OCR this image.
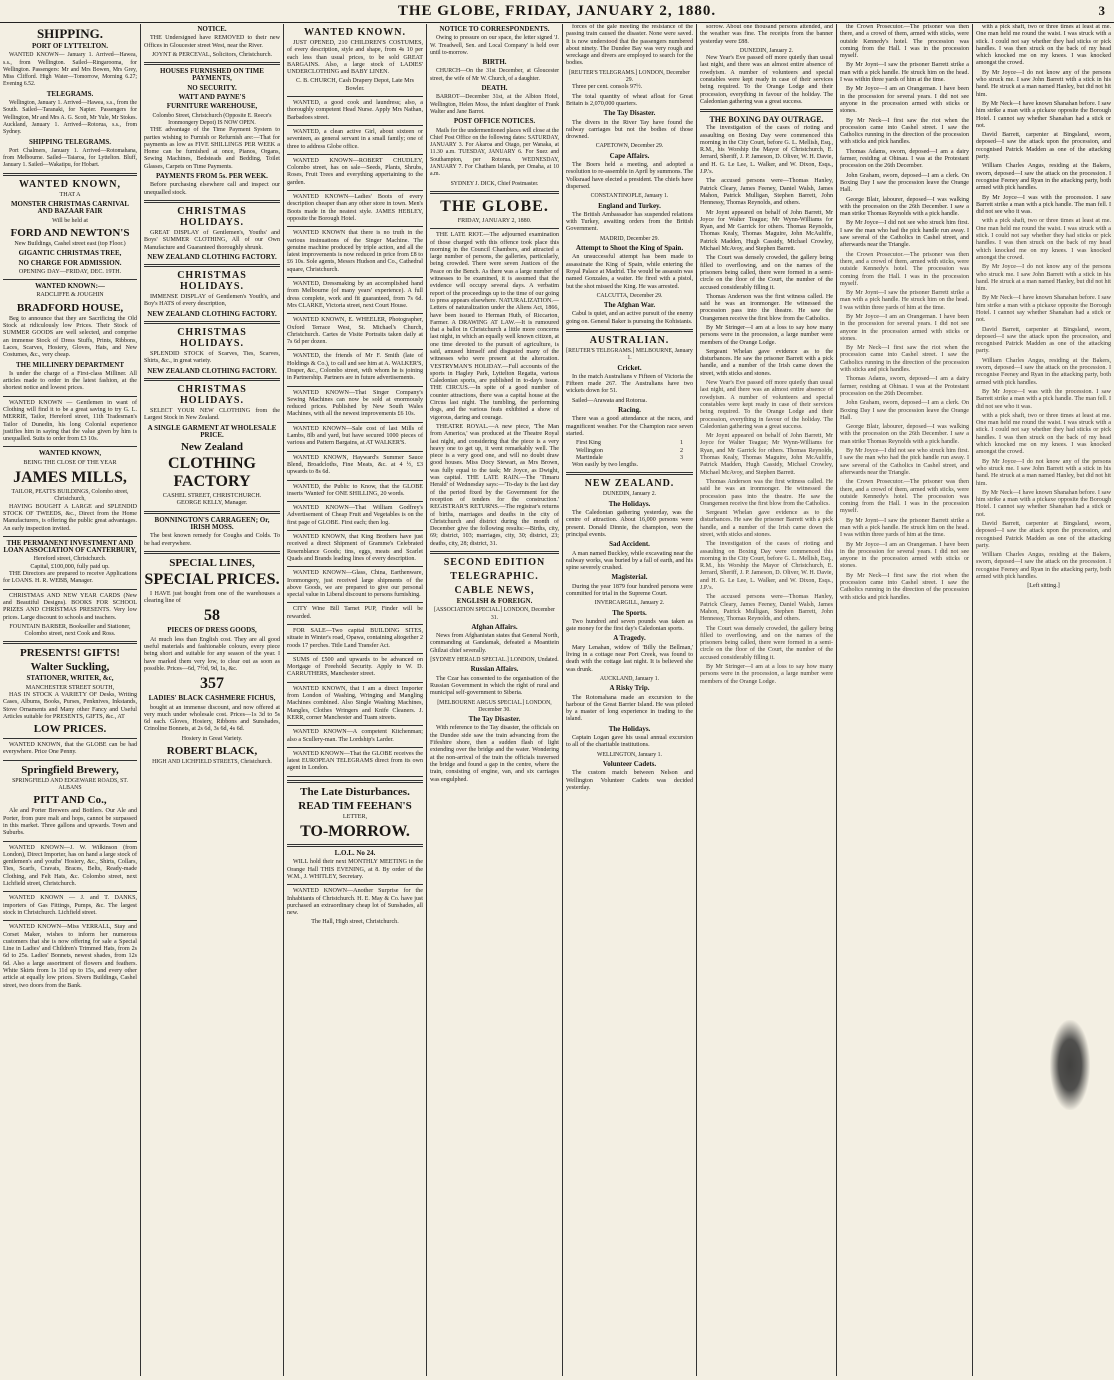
THE GLOBE, FRIDAY, JANUARY 2, 1880.	3
SHIPPING.
PORT OF LYTTELTON.

WANTED KNOWN— January 1. Arrived—Hawea, s.s., from Wellington. Sailed—Ringarooma, for Wellington. Passengers: Mr and Mrs Bowen, Mrs Grey, Miss Clifford. High Water—Tomorrow, Morning 6.27; Evening 6.52.

TELEGRAMS.

Wellington, January 1. Arrived—Hawea, s.s., from the South. Sailed—Taranaki, for Napier. Passengers for Wellington, Mr and Mrs A. G. Scott, Mr Yule, Mr Stokes. Auckland, January 1. Arrived—Rotorua, s.s., from Sydney.

SHIPPING TELEGRAMS.

Port Chalmers, January 1. Arrived—Rotomahana, from Melbourne. Sailed—Taiaroa, for Lyttelton. Bluff, January 1. Sailed—Wakatipu, for Hobart.

WANTED KNOWN,
THAT A
MONSTER CHRISTMAS CARNIVAL AND BAZAAR FAIR
Will be held at
FORD AND NEWTON'S
New Buildings, Cashel street east (top Floor.)
GIGANTIC CHRISTMAS TREE,
NO CHARGE FOR ADMISSION.
OPENING DAY—FRIDAY, DEC. 19TH.
WANTED KNOWN:—
RADCLIFFE & JOUGHIN
BRADFORD HOUSE,

Beg to announce that they are Sacrificing the Old Stock at ridiculously low Prices. Their Stock of SUMMER GOODS are well selected, and comprise an immense Stock of Dress Stuffs, Prints, Ribbons, Laces, Scarves, Hosiery, Gloves, Hats, and New Costumes, &c., very cheap.

THE MILLINERY DEPARTMENT

Is under the charge of a First-class Milliner. All articles made to order in the latest fashion, at the shortest notice and lowest prices.

WANTED KNOWN — Gentlemen in want of Clothing will find it to be a great saving to try G. L. MERRIE, Tailor, Hereford street, 11th Tradesman's Tailor of Dunedin, his long Colonial experience justifies him in saying that the value given by him is unequalled. Suits to order from £3 10s.

WANTED KNOWN,
BEING THE CLOSE OF THE YEAR
JAMES MILLS,
TAILOR, PEATTS BUILDINGS, Colombo street, Christchurch,

HAVING BOUGHT A LARGE and SPLENDID STOCK OF TWEEDS, &c., Direct from the Home Manufacturers, is offering the public great advantages. An early inspection invited.

THE PERMANENT INVESTMENT AND LOAN ASSOCIATION OF CANTERBURY,
Hereford street, Christchurch.
Capital, £100,000, fully paid up.

THE Directors are prepared to receive Applications for LOANS. H. R. WEBB, Manager.

CHRISTMAS AND NEW YEAR CARDS (New and Beautiful Designs). BOOKS FOR SCHOOL PRIZES AND CHRISTMAS PRESENTS. Very low prices. Large discount to schools and teachers.

FOUNTAIN BARBER, Bookseller and Stationer, Colombo street, next Cook and Ross.
PRESENTS! GIFTS!
Walter Suckling,
STATIONER, WRITER, &c,
MANCHESTER STREET SOUTH,

HAS IN STOCK A VARIETY OF Desks, Writing Cases, Albums, Books, Purses, Penknives, Inkstands, Stove Ornaments and Many other Fancy and Useful Articles suitable for PRESENTS, GIFTS, &c., AT

LOW PRICES.

WANTED KNOWN, that the GLOBE can be had everywhere. Price One Penny.

Springfield Brewery,
SPRINGFIELD AND EDGEWARE ROADS, ST. ALBANS
PITT AND Co.,

Ale and Porter Brewers and Bottlers. Our Ale and Porter, from pure malt and hops, cannot be surpassed in this market. Three gallons and upwards. Town and Suburbs.

WANTED KNOWN—J. W. Wilkinson (from London), Direct Importer, has on hand a large stock of gentlemen's and youths' Hosiery, &c., Shirts, Collars, Ties, Scarfs, Cravats, Braces, Belts, Ready-made Clothing, and Felt Hats, &c. Colombo street, next Lichfield street, Christchurch.

WANTED KNOWN — J. and T. DANKS, importers of Gas Fittings, Pumps, &c. The largest stock in Christchurch. Lichfield street.

WANTED KNOWN—Miss VERRALL, Stay and Corset Maker, wishes to inform her numerous customers that she is now offering for sale a Special Line in Ladies' and Children's Trimmed Hats, from 2s 6d to 25s. Ladies' Bonnets, newest shades, from 12s 6d. Also a large assortment of flowers and feathers. White Skirts from 1s 11d up to 15s, and every other article at equally low prices. Sivers Buildings, Cashel street, two doors from the Bank.

NOTICE.

THE Undersigned have REMOVED to their new Offices in Gloucester street West, near the River.

JOYNT & PERCEVAL, Solicitors, Christchurch.
HOUSES FURNISHED ON TIME PAYMENTS,
NO SECURITY.
WATT AND PAYNE'S
FURNITURE WAREHOUSE,
Colombo Street, Christchurch (Opposite E. Reece's Ironmongery Depot) IS NOW OPEN.

THE advantage of the Time Payment System to parties wishing to Furnish or Refurnish are:—That for payments as low as FIVE SHILLINGS PER WEEK a Home can be furnished at once, Pianos, Organs, Sewing Machines, Bedsteads and Bedding, Toilet Glasses, Carpets on Time Payments.

PAYMENTS FROM 5s. PER WEEK.

Before purchasing elsewhere call and inspect our unequalled stock.

CHRISTMAS HOLIDAYS.

GREAT DISPLAY of Gentlemen's, Youths' and Boys' SUMMER CLOTHING, All of our Own Manufacture and Guaranteed thoroughly shrunk.

NEW ZEALAND CLOTHING FACTORY.
CHRISTMAS HOLIDAYS.

IMMENSE DISPLAY of Gentlemen's Youth's, and Boy's HATS of every description,

NEW ZEALAND CLOTHING FACTORY.
CHRISTMAS HOLIDAYS.

SPLENDID STOCK of Scarves, Ties, Scarves, Shirts, &c., in great variety.

NEW ZEALAND CLOTHING FACTORY.
CHRISTMAS HOLIDAYS.

SELECT YOUR NEW CLOTHING from the Largest Stock in New Zealand.

A SINGLE GARMENT AT WHOLESALE PRICE.
New Zealand
CLOTHING FACTORY
CASHEL STREET, CHRISTCHURCH.
GEORGE KELLY, Manager.
BONNINGTON'S CARRAGEEN; Or, IRISH MOSS.

The best known remedy for Coughs and Colds. To be had everywhere.

SPECIAL LINES,
SPECIAL PRICES.

I HAVE just bought from one of the warehouses a clearing line of

58
PIECES OF DRESS GOODS,

At much less than English cost. They are all good useful materials and fashionable colours, every piece being short and suitable for any season of the year. I have marked them very low, to clear out as soon as possible. Prices—6d, 7½d, 9d, 1s, &c.

357
LADIES' BLACK CASHMERE FICHUS,

bought at an immense discount, and now offered at very much under wholesale cost. Prices—1s 3d to 5s 6d each. Gloves, Hosiery, Ribbons and Sunshades, Crinoline Bonnets, at 2s 6d, 3s 6d, 4s 6d.

Hosiery in Great Variety.
ROBERT BLACK,
HIGH AND LICHFIELD STREETS, Christchurch.
WANTED KNOWN.

JUST OPENED, 210 CHILDREN'S COSTUMES, of every description, style and shape, from 4s 10 per each less than usual prices, to be sold GREAT BARGAINS. Also, a large stock of LADIES' UNDERCLOTHING and BABY LINEN.

C. B. CHURCH, Cash Drapery Depot, Late Mrs Bowler.

WANTED, a good cook and laundress; also, a thoroughly competent Head Nurse. Apply Mrs Nathan, Barbadoes street.

WANTED, a clean active Girl, about sixteen or seventeen, as general servant in a small family; one of three to address Globe office.

WANTED KNOWN—ROBERT CHUDLEY, Colombo street, has on sale—Seeds, Plants, Shrubs, Roses, Fruit Trees and everything appertaining to the garden.

WANTED KNOWN—Ladies' Boots of every description cheaper than any other store in town. Men's Boots made in the neatest style. JAMES HEBLEY, opposite the Borough Hotel.

WANTED KNOWN that there is no truth in the various insinuations of the Singer Machine. The genuine machine produced by triple action, and all the latest improvements is now reduced in price from £8 to £6 10s. Sole agents, Messrs Hudson and Co., Cathedral square, Christchurch.

WANTED, Dressmaking by an accomplished hand from Melbourne (of many years' experience). A full dress complete, work and fit guaranteed, from 7s 6d. Mrs CLARKE, Victoria street, next Court House.

WANTED KNOWN, E. WHEELER, Photographer, Oxford Terrace West, St. Michael's Church, Christchurch. Cartes de Visite Portraits taken daily at 7s 6d per dozen.

WANTED, the friends of Mr F. Smith (late of Holdings & Co.), to call and see him at A. WALKER'S, Draper, &c., Colombo street, with whom he is joining in Partnership. Partners are in future advertisements.

WANTED KNOWN—That Singer Company's Sewing Machines can now be sold at enormously reduced prices. Published by New South Wales Machines, with all the newest improvements £6 10s.

WANTED KNOWN—Sale cost of last Mills of Lambs, 8lb and yard, but have secured 1000 pieces of various and Pattern Bargains, at AT WALKER'S.

WANTED KNOWN, Hayward's Summer Sauce Blend, Broadcloths, Fine Meats, &c. at 4 ½, £3 upwards to 8s 6d.

WANTED, the Public to Know, that the GLOBE inserts 'Wanted' for ONE SHILLING, 20 words.

WANTED KNOWN—That William Godfrey's Advertisement of Cheap Fruit and Vegetables is on the first page of GLOBE. First each; then log.

WANTED KNOWN, that King Brothers have just received a direct Shipment of Gramme's Celebrated Resemblance Goods; tins, eggs, meats and Scarlet Quads and Brands leading lines of every description.

WANTED KNOWN—Glass, China, Earthenware, Ironmongery, just received large shipments of the above Goods, we are prepared to give our personal special value in Liberal discount to persons furnishing.

CITY Wine Bill Tarnet PUP, Finder will be rewarded.

FOR SALE—Two capital BUILDING SITES, situate in Winter's road, Opawa, containing altogether 2 roods 17 perches. Title Land Transfer Act.

SUMS of £500 and upwards to be advanced on Mortgage of Freehold Security. Apply to W. D. CARRUTHERS, Manchester street.

WANTED KNOWN, that I am a direct Importer from London of Washing, Wringing and Mangling Machines combined. Also Single Washing Machines, Mangles, Clothes Wringers and Knife Cleaners. J. KERR, corner Manchester and Tuam streets.

WANTED KNOWN—A competent Kitchenman; also a Scullery-man. The Lordship's Larder.

WANTED KNOWN—That the GLOBE receives the latest EUROPEAN TELEGRAMS direct from its own agent in London.

The Late Disturbances.
READ TIM FEEHAN'S
LETTER,
TO-MORROW.
L.O.L. No 24.

WILL hold their next MONTHLY MEETING in the Orange Hall THIS EVENING, at 8. By order of the W.M., J. WHITLEY, Secretary.

WANTED KNOWN—Another Surprise for the Inhabitants of Christchurch. H. E. May & Co. have just purchased an extraordinary cheap lot of Sunshades, all new.

The Hall, High street, Christchurch.
NOTICE TO CORRESPONDENTS.

Owing to pressure on our space, the letter signed 'J. W. Treadwell, Sen. and Local Company' is held over until to-morrow.

BIRTH.

CHURCH—On the 31st December, at Gloucester street, the wife of Mr W. Church, of a daughter.

DEATH.

BARROT—December 31st, at the Albion Hotel, Wellington, Helen Moss, the infant daughter of Frank Walter and Jane Barrot.

POST OFFICE NOTICES.

Mails for the undermentioned places will close at the Chief Post Office on the following dates: SATURDAY, JANUARY 3. For Akaroa and Otago, per Wanaka, at 11.30 a.m. TUESDAY, JANUARY 6. For Suez and Southampton, per Rotorua. WEDNESDAY, JANUARY 7. For Chatham Islands, per Omaha, at 10 a.m.

SYDNEY J. DICK, Chief Postmaster.
THE GLOBE.
FRIDAY, JANUARY 2, 1880.

THE LATE RIOT.—The adjourned examination of those charged with this offence took place this morning in the Council Chambers, and attracted a large number of persons, the galleries, particularly, being crowded. There were seven Justices of the Peace on the Bench. As there was a large number of witnesses to be examined, it is assumed that the evidence will occupy several days. A verbatim report of the proceedings up to the time of our going to press appears elsewhere. NATURALIZATION.—Letters of naturalization under the Aliens Act, 1866, have been issued to Herman Huth, of Riccarton, Farmer. A DRAWING AT LAW.—It is rumoured that a ballot in Christchurch a little more concerns last night, in which an equally well known citizen, at one time devoted to the pursuit of agriculture, is said, amused himself and disgusted many of the witnesses who were present at the altercation. VESTRYMAN'S HOLIDAY.—Full accounts of the sports in Hagley Park, Lyttelton Regatta, various Caledonian sports, are published in to-day's issue. THE CIRCUS.—In spite of a good number of counter attractions, there was a capital house at the Circus last night. The tumbling, the performing dogs, and the various feats exhibited a show of vigorous, daring and courage.

THEATRE ROYAL.—A new piece, 'The Man from America,' was produced at the Theatre Royal last night, and considering that the piece is a very heavy one to get up, it went remarkably well. The piece is a very good one, and will no doubt draw good houses. Miss Docy Stewart, as Mrs Brown, was fully equal to the task; Mr Joyce, as Dwight, was capital. THE LATE RAIN.—The 'Timaru Herald' of Wednesday says:—'To-day is the last day of the period fixed by the Government for the reception of tenders for the construction.' REGISTRAR'S RETURNS.—The registrar's returns of births, marriages and deaths in the city of Christchurch and district during the month of December give the following results:—Births, city, 69; district, 103; marriages, city, 30; district, 23; deaths, city, 28; district, 31.

SECOND EDITION
TELEGRAPHIC.
CABLE NEWS,
ENGLISH & FOREIGN.
[ASSOCIATION SPECIAL.] LONDON, December 31.
Afghan Affairs.

News from Afghanistan states that General North, commanding at Gandamak, defeated a Moanttein Ghilzai chief severally.

[SYDNEY HERALD SPECIAL.] LONDON, Undated.
Russian Affairs.

The Czar has consented to the organisation of the Russian Government in which the right of rural and municipal self-government to Siberia.

[MELBOURNE ARGUS SPECIAL.] LONDON, December 30.
The Tay Disaster.

With reference to the Tay disaster, the officials on the Dundee side saw the train advancing from the Fifeshire shore, then a sudden flash of light extending over the bridge and the water. Wondering at the non-arrival of the train the officials traversed the bridge and found a gap in the centre, where the train, consisting of engine, van, and six carriages was engulphed.

forces of the gale meeting the resistance of the passing train caused the disaster. None were saved. It is now understood that the passengers numbered about ninety. The Dundee Bay was very rough and wreckage and divers are employed to search for the bodies.

[REUTER'S TELEGRAMS.] LONDON, December 29.

Three per cent. consols 97½.

The total quantity of wheat afloat for Great Britain is 2,070,000 quarters.

The Tay Disaster.

The divers in the River Tay have found the railway carriages but not the bodies of those drowned.

CAPETOWN, December 29.
Cape Affairs.

The Boers held a meeting, and adopted a resolution to re-assemble in April by summons. The Volksraad have elected a president. The chiefs have dispersed.

CONSTANTINOPLE, January 1.
England and Turkey.

The British Ambassador has suspended relations with Turkey, awaiting orders from the British Government.

MADRID, December 29.
Attempt to Shoot the King of Spain.

An unsuccessful attempt has been made to assassinate the King of Spain, while entering the Royal Palace at Madrid. The would be assassin was named Gonzales, a waiter. He fired with a pistol, but the shot missed the King. He was arrested.

CALCUTTA, December 29.
The Afghan War.

Cabul is quiet, and an active pursuit of the enemy going on. General Baker is pursuing the Kohistanis.

AUSTRALIAN.
[REUTER'S TELEGRAMS.] MELBOURNE, January 1.
Cricket.

In the match Australians v Fifteen of Victoria the Fifteen made 267. The Australians have two wickets down for 51.

Sailed—Arawata and Rotorua.

Racing.

There was a good attendance at the races, and magnificent weather. For the Champion race seven started.

First King	1
Wellington	2
Martindale	3

Won easily by two lengths.

NEW ZEALAND.
DUNEDIN, January 2.
The Holidays.

The Caledonian gathering yesterday, was the centre of attraction. About 16,000 persons were present. Donald Dinnie, the champion, won the principal events.

Sad Accident.

A man named Buckley, while excavating near the railway works, was buried by a fall of earth, and his spine severely crushed.

Magisterial.

During the year 1879 four hundred persons were committed for trial in the Supreme Court.

INVERCARGILL, January 2.
The Sports.

Two hundred and seven pounds was taken as gate money for the first day's Caledonian sports.

A Tragedy.

Mary Lenahan, widow of 'Billy the Bellman,' living in a cottage near Port Creek, was found to death with the cottage last night. It is believed she was drunk.

AUCKLAND, January 1.
A Risky Trip.

The Rotomahana made an excursion to the harbour of the Great Barrier Island. He was piloted by a master of long experience in trading to the island.

The Holidays.

Captain Logan gave his usual annual excursion to all of the charitable institutions.

WELLINGTON, January 1.
Volunteer Cadets.

The custom match between Nelson and Wellington Volunteer Cadets was decided yesterday.

sorrow. About one thousand persons attended, and the weather was fine. The receipts from the banner yesterday were £88.

DUNEDIN, January 2.

New Year's Eve passed off more quietly than usual last night, and there was an almost entire absence of rowdyism. A number of volunteers and special constables were kept ready in case of their services being required. To the Orange Lodge and their procession, everything in favour of the holiday. The Caledonian gathering was a great success.

THE BOXING DAY OUTRAGE.

The investigation of the cases of rioting and assaulting on Boxing Day were commenced this morning in the City Court, before G. L. Mellish, Esq., R.M., his Worship the Mayor of Christchurch, E. Jerrard, Sheriff, J. P. Jameson, D. Oliver, W. H. Davie, and H. G. Le Lee, L. Walker, and W. Dixon, Esqs., J.P.'s.

The accused persons were—Thomas Hanley, Patrick Cleary, James Feeney, Daniel Walsh, James Mahon, Patrick Mulligan, Stephen Barrett, John Hennessy, Thomas Reynolds, and others.

Mr Joynt appeared on behalf of John Barrett, Mr Joyce for Walter Teague; Mr Wynn-Williams for Ryan, and Mr Garrick for others. Thomas Reynolds, Thomas Kealy, Thomas Maguire, John McAuliffe, Patrick Madden, Hugh Cassidy, Michael Crowley, Michael McAvoy, and Stephen Barrett.

The Court was densely crowded, the gallery being filled to overflowing, and on the names of the prisoners being called, there were formed in a semi-circle on the floor of the Court, the number of the accused considerably filling it.

Thomas Anderson was the first witness called. He said he was an ironmonger. He witnessed the procession pass into the theatre. He saw the Orangemen receive the first blow from the Catholics.

By Mr Stringer—I am at a loss to say how many persons were in the procession, a large number were members of the Orange Lodge.

Sergeant Whelan gave evidence as to the disturbances. He saw the prisoner Barrett with a pick handle, and a number of the Irish came down the street, with sticks and stones.

New Year's Eve passed off more quietly than usual last night, and there was an almost entire absence of rowdyism. A number of volunteers and special constables were kept ready in case of their services being required. To the Orange Lodge and their procession, everything in favour of the holiday. The Caledonian gathering was a great success.

Mr Joynt appeared on behalf of John Barrett, Mr Joyce for Walter Teague; Mr Wynn-Williams for Ryan, and Mr Garrick for others. Thomas Reynolds, Thomas Kealy, Thomas Maguire, John McAuliffe, Patrick Madden, Hugh Cassidy, Michael Crowley, Michael McAvoy, and Stephen Barrett.

Thomas Anderson was the first witness called. He said he was an ironmonger. He witnessed the procession pass into the theatre. He saw the Orangemen receive the first blow from the Catholics.

Sergeant Whelan gave evidence as to the disturbances. He saw the prisoner Barrett with a pick handle, and a number of the Irish came down the street, with sticks and stones.

The investigation of the cases of rioting and assaulting on Boxing Day were commenced this morning in the City Court, before G. L. Mellish, Esq., R.M., his Worship the Mayor of Christchurch, E. Jerrard, Sheriff, J. P. Jameson, D. Oliver, W. H. Davie, and H. G. Le Lee, L. Walker, and W. Dixon, Esqs., J.P.'s.

The accused persons were—Thomas Hanley, Patrick Cleary, James Feeney, Daniel Walsh, James Mahon, Patrick Mulligan, Stephen Barrett, John Hennessy, Thomas Reynolds, and others.

The Court was densely crowded, the gallery being filled to overflowing, and on the names of the prisoners being called, there were formed in a semi-circle on the floor of the Court, the number of the accused considerably filling it.

By Mr Stringer—I am at a loss to say how many persons were in the procession, a large number were members of the Orange Lodge.

the Crown Prosecutor.—The prisoner was then there, and a crowd of them, armed with sticks, were outside Kennedy's hotel. The procession was coming from the Hall. I was in the procession myself.

By Mr Joynt—I saw the prisoner Barrett strike a man with a pick handle. He struck him on the head. I was within three yards of him at the time.

By Mr Joyce—I am an Orangeman. I have been in the procession for several years. I did not see anyone in the procession armed with sticks or stones.

By Mr Neck—I first saw the riot when the procession came into Cashel street. I saw the Catholics running in the direction of the procession with sticks and pick handles.

Thomas Adams, sworn, deposed—I am a dairy farmer, residing at Ohinau. I was at the Protestant procession on the 26th December.

John Graham, sworn, deposed—I am a clerk. On Boxing Day I saw the procession leave the Orange Hall.

George Blair, labourer, deposed—I was walking with the procession on the 26th December. I saw a man strike Thomas Reynolds with a pick handle.

By Mr Joyce—I did not see who struck him first. I saw the man who had the pick handle run away. I saw several of the Catholics in Cashel street, and afterwards near the Triangle.

the Crown Prosecutor.—The prisoner was then there, and a crowd of them, armed with sticks, were outside Kennedy's hotel. The procession was coming from the Hall. I was in the procession myself.

By Mr Joynt—I saw the prisoner Barrett strike a man with a pick handle. He struck him on the head. I was within three yards of him at the time.

By Mr Joyce—I am an Orangeman. I have been in the procession for several years. I did not see anyone in the procession armed with sticks or stones.

By Mr Neck—I first saw the riot when the procession came into Cashel street. I saw the Catholics running in the direction of the procession with sticks and pick handles.

Thomas Adams, sworn, deposed—I am a dairy farmer, residing at Ohinau. I was at the Protestant procession on the 26th December.

John Graham, sworn, deposed—I am a clerk. On Boxing Day I saw the procession leave the Orange Hall.

George Blair, labourer, deposed—I was walking with the procession on the 26th December. I saw a man strike Thomas Reynolds with a pick handle.

By Mr Joyce—I did not see who struck him first. I saw the man who had the pick handle run away. I saw several of the Catholics in Cashel street, and afterwards near the Triangle.

the Crown Prosecutor.—The prisoner was then there, and a crowd of them, armed with sticks, were outside Kennedy's hotel. The procession was coming from the Hall. I was in the procession myself.

By Mr Joynt—I saw the prisoner Barrett strike a man with a pick handle. He struck him on the head. I was within three yards of him at the time.

By Mr Joyce—I am an Orangeman. I have been in the procession for several years. I did not see anyone in the procession armed with sticks or stones.

By Mr Neck—I first saw the riot when the procession came into Cashel street. I saw the Catholics running in the direction of the procession with sticks and pick handles.

with a pick shaft, two or three times at least at me. One man held me round the waist. I was struck with a stick. I could not say whether they had sticks or pick handles. I was then struck on the back of my head which knocked me on my knees. I was knocked amongst the crowd.

By Mr Joyce—I do not know any of the persons who struck me. I saw John Barrett with a stick in his hand. He struck at a man named Hanley, but did not hit him.

By Mr Neck—I have known Shanahan before. I saw him strike a man with a pickaxe opposite the Borough Hotel. I cannot say whether Shanahan had a stick or not.

David Barrett, carpenter at Bingsland, sworn, deposed—I saw the attack upon the procession, and recognised Patrick Madden as one of the attacking party.

William Charles Angus, residing at the Bakers, sworn, deposed—I saw the attack on the procession. I recognise Feeney and Ryan in the attacking party, both armed with pick handles.

By Mr Joyce—I was with the procession. I saw Barrett strike a man with a pick handle. The man fell. I did not see who it was.

with a pick shaft, two or three times at least at me. One man held me round the waist. I was struck with a stick. I could not say whether they had sticks or pick handles. I was then struck on the back of my head which knocked me on my knees. I was knocked amongst the crowd.

By Mr Joyce—I do not know any of the persons who struck me. I saw John Barrett with a stick in his hand. He struck at a man named Hanley, but did not hit him.

By Mr Neck—I have known Shanahan before. I saw him strike a man with a pickaxe opposite the Borough Hotel. I cannot say whether Shanahan had a stick or not.

David Barrett, carpenter at Bingsland, sworn, deposed—I saw the attack upon the procession, and recognised Patrick Madden as one of the attacking party.

William Charles Angus, residing at the Bakers, sworn, deposed—I saw the attack on the procession. I recognise Feeney and Ryan in the attacking party, both armed with pick handles.

By Mr Joyce—I was with the procession. I saw Barrett strike a man with a pick handle. The man fell. I did not see who it was.

with a pick shaft, two or three times at least at me. One man held me round the waist. I was struck with a stick. I could not say whether they had sticks or pick handles. I was then struck on the back of my head which knocked me on my knees. I was knocked amongst the crowd.

By Mr Joyce—I do not know any of the persons who struck me. I saw John Barrett with a stick in his hand. He struck at a man named Hanley, but did not hit him.

By Mr Neck—I have known Shanahan before. I saw him strike a man with a pickaxe opposite the Borough Hotel. I cannot say whether Shanahan had a stick or not.

David Barrett, carpenter at Bingsland, sworn, deposed—I saw the attack upon the procession, and recognised Patrick Madden as one of the attacking party.

William Charles Angus, residing at the Bakers, sworn, deposed—I saw the attack on the procession. I recognise Feeney and Ryan in the attacking party, both armed with pick handles.

[Left sitting.]
